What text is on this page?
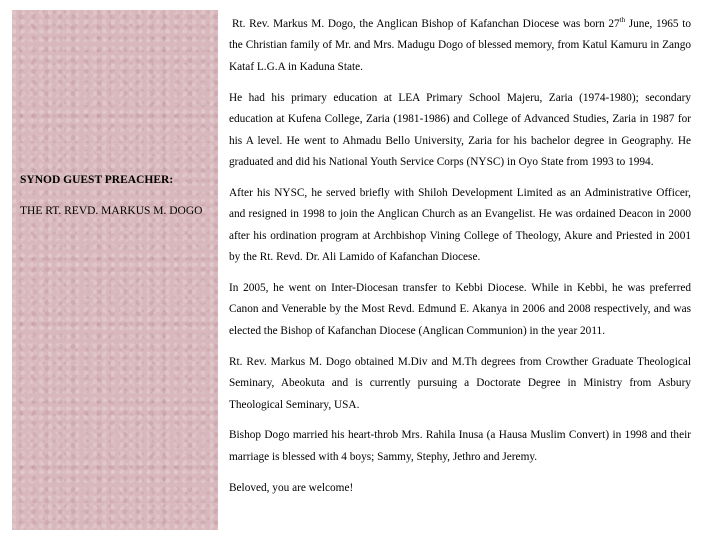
SYNOD GUEST PREACHER:
THE RT. REVD. MARKUS M. DOGO

Rt. Rev. Markus M. Dogo, the Anglican Bishop of Kafanchan Diocese was born 27th June, 1965 to the Christian family of Mr. and Mrs. Madugu Dogo of blessed memory, from Katul Kamuru in Zango Kataf L.G.A in Kaduna State.

He had his primary education at LEA Primary School Majeru, Zaria (1974-1980); secondary education at Kufena College, Zaria (1981-1986) and College of Advanced Studies, Zaria in 1987 for his A level. He went to Ahmadu Bello University, Zaria for his bachelor degree in Geography. He graduated and did his National Youth Service Corps (NYSC) in Oyo State from 1993 to 1994.

After his NYSC, he served briefly with Shiloh Development Limited as an Administrative Officer, and resigned in 1998 to join the Anglican Church as an Evangelist. He was ordained Deacon in 2000 after his ordination program at Archbishop Vining College of Theology, Akure and Priested in 2001 by the Rt. Revd. Dr. Ali Lamido of Kafanchan Diocese.

In 2005, he went on Inter-Diocesan transfer to Kebbi Diocese. While in Kebbi, he was preferred Canon and Venerable by the Most Revd. Edmund E. Akanya in 2006 and 2008 respectively, and was elected the Bishop of Kafanchan Diocese (Anglican Communion) in the year 2011.

Rt. Rev. Markus M. Dogo obtained M.Div and M.Th degrees from Crowther Graduate Theological Seminary, Abeokuta and is currently pursuing a Doctorate Degree in Ministry from Asbury Theological Seminary, USA.

Bishop Dogo married his heart-throb Mrs. Rahila Inusa (a Hausa Muslim Convert) in 1998 and their marriage is blessed with 4 boys; Sammy, Stephy, Jethro and Jeremy.

Beloved, you are welcome!
